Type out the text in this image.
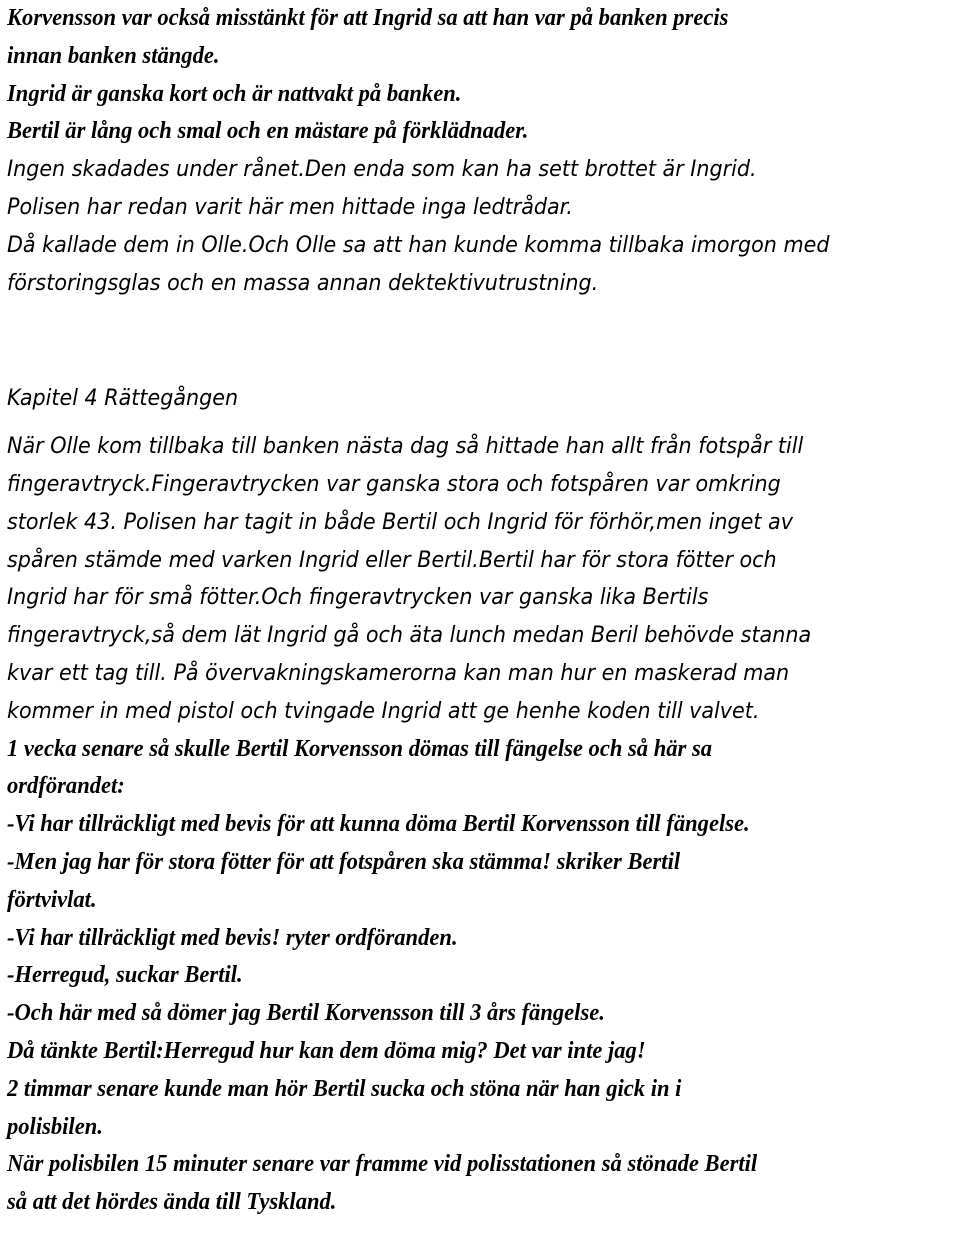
Korvensson var också misstänkt för att Ingrid sa att han var på banken precis
innan banken stängde.
Ingrid är ganska kort och är nattvakt på banken.
Bertil är lång och smal och en mästare på förklädnader.
Ingen skadades under rånet.Den enda som kan ha sett brottet är Ingrid.
Polisen har redan varit här men hittade inga ledtrådar.
Då kallade dem in Olle.Och Olle sa att han kunde komma tillbaka imorgon med
förstoringsglas och en massa annan dektektivutrustning.
Kapitel 4 Rättegången
När Olle kom tillbaka till banken nästa dag så hittade han allt från fotspår till
fingeravtryck.Fingeravtrycken var ganska stora och fotspåren var omkring
storlek 43. Polisen har tagit in både Bertil och Ingrid för förhör,men inget av
spåren stämde med varken Ingrid eller Bertil.Bertil har för stora fötter och
Ingrid har för små fötter.Och fingeravtrycken var ganska lika Bertils
fingeravtryck,så dem lät Ingrid gå och äta lunch medan Beril behövde stanna
kvar ett tag till. På övervakningskamerorna kan man hur en maskerad man
kommer in med pistol och tvingade Ingrid att ge henhe koden till valvet.
1 vecka senare så skulle Bertil Korvensson dömas till fängelse och så här sa
ordförandet:
-Vi har tillräckligt med bevis för att kunna döma Bertil Korvensson till fängelse.
-Men jag har för stora fötter för att fotspåren ska stämma! skriker Bertil
förtvivlat.
-Vi har tillräckligt med bevis! ryter ordföranden.
-Herregud, suckar Bertil.
-Och här med så dömer jag Bertil Korvensson till 3 års fängelse.
Då tänkte Bertil:Herregud hur kan dem döma mig? Det var inte jag!
2 timmar senare kunde man hör Bertil sucka och stöna när han gick in i
polisbilen.
När polisbilen 15 minuter senare var framme vid polisstationen så stönade Bertil
så att det hördes ända till Tyskland.
